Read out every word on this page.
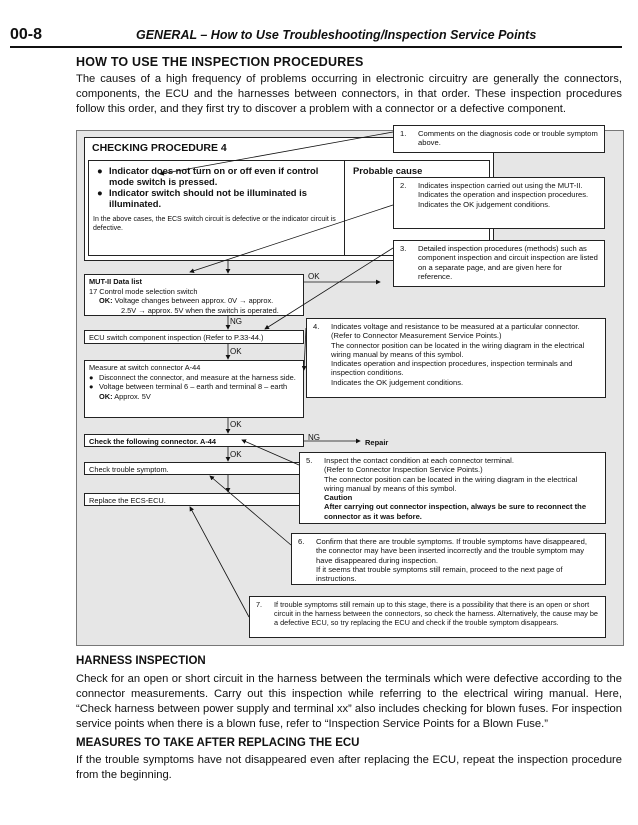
00-8	GENERAL – How to Use Troubleshooting/Inspection Service Points
HOW TO USE THE INSPECTION PROCEDURES
The causes of a high frequency of problems occurring in electronic circuitry are generally the connectors, components, the ECU and the harnesses between connectors, in that order. These inspection procedures follow this order, and they first try to discover a problem with a connector or a defective component.
CHECKING PROCEDURE 4
● Indicator does not turn on or off even if control mode switch is pressed.
● Indicator switch should not be illuminated is illuminated.
In the above cases, the ECS switch circuit is defective or the indicator circuit is defective.
Probable cause
MUT-II Data list
17 Control mode selection switch
OK: Voltage changes between approx. 0V → approx.
2.5V → approx. 5V when the switch is operated.
ECU switch component inspection (Refer to P.33-44.)
Measure at switch connector A-44
● Disconnect the connector, and measure at the harness side.
● Voltage between terminal 6 – earth and terminal 8 – earth
OK: Approx. 5V
Check the following connector. A-44
Check trouble symptom.
Replace the ECS-ECU.
NG
OK
OK
OK
OK
NG
Repair
1. Comments on the diagnosis code or trouble symptom above.
2. Indicates inspection carried out using the MUT-II.
Indicates the operation and inspection procedures.
Indicates the OK judgement conditions.
3. Detailed inspection procedures (methods) such as component inspection and circuit inspection are listed on a separate page, and are given here for reference.
4. Indicates voltage and resistance to be measured at a particular connector.
(Refer to Connector Measurement Service Points.)
The connector position can be located in the wiring diagram in the electrical wiring manual by means of this symbol.
Indicates operation and inspection procedures, inspection terminals and inspection conditions.
Indicates the OK judgement conditions.
5. Inspect the contact condition at each connector terminal.
(Refer to Connector Inspection Service Points.)
The connector position can be located in the wiring diagram in the electrical wiring manual by means of this symbol.
Caution
After carrying out connector inspection, always be sure to reconnect the connector as it was before.
6. Confirm that there are trouble symptoms. If trouble symptoms have disappeared, the connector may have been inserted incorrectly and the trouble symptom may have disappeared during inspection.
If it seems that trouble symptoms still remain, proceed to the next page of instructions.
7. If trouble symptoms still remain up to this stage, there is a possibility that there is an open or short circuit in the harness between the connectors, so check the harness. Alternatively, the cause may be a defective ECU, so try replacing the ECU and check if the trouble symptom disappears.
HARNESS INSPECTION
Check for an open or short circuit in the harness between the terminals which were defective according to the connector measurements. Carry out this inspection while referring to the electrical wiring manual. Here, “Check harness between power supply and terminal xx” also includes checking for blown fuses. For inspection service points when there is a blown fuse, refer to “Inspection Service Points for a Blown Fuse.”
MEASURES TO TAKE AFTER REPLACING THE ECU
If the trouble symptoms have not disappeared even after replacing the ECU, repeat the inspection procedure from the beginning.
